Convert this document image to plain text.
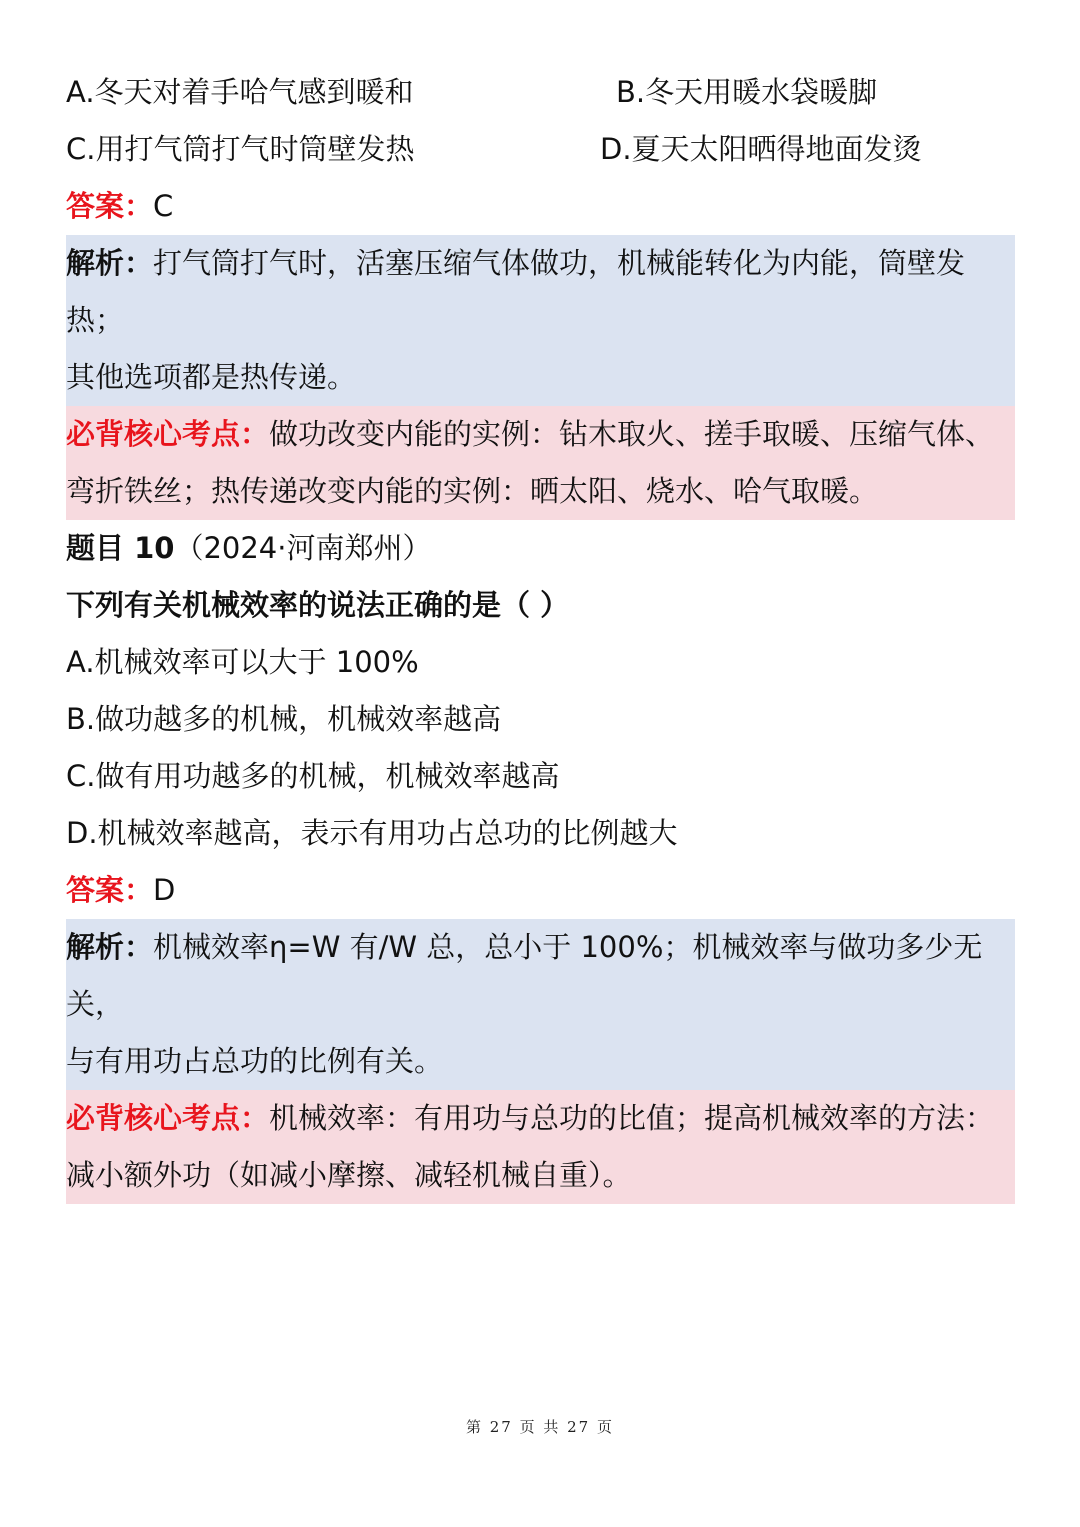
A.冬天对着手哈气感到暖和	B.冬天用暖水袋暖脚
C.用打气筒打气时筒壁发热	D.夏天太阳晒得地面发烫
答案：C
解析：打气筒打气时，活塞压缩气体做功，机械能转化为内能，筒壁发热；
其他选项都是热传递。
必背核心考点：做功改变内能的实例：钻木取火、搓手取暖、压缩气体、
弯折铁丝；热传递改变内能的实例：晒太阳、烧水、哈气取暖。
题目 10（2024·河南郑州）
下列有关机械效率的说法正确的是（ ）
A.机械效率可以大于 100%
B.做功越多的机械，机械效率越高
C.做有用功越多的机械，机械效率越高
D.机械效率越高，表示有用功占总功的比例越大
答案：D
解析：机械效率η=W 有/W 总，总小于 100%；机械效率与做功多少无关，
与有用功占总功的比例有关。
必背核心考点：机械效率：有用功与总功的比值；提高机械效率的方法：
减小额外功（如减小摩擦、减轻机械自重）。
第 27 页 共 27 页
